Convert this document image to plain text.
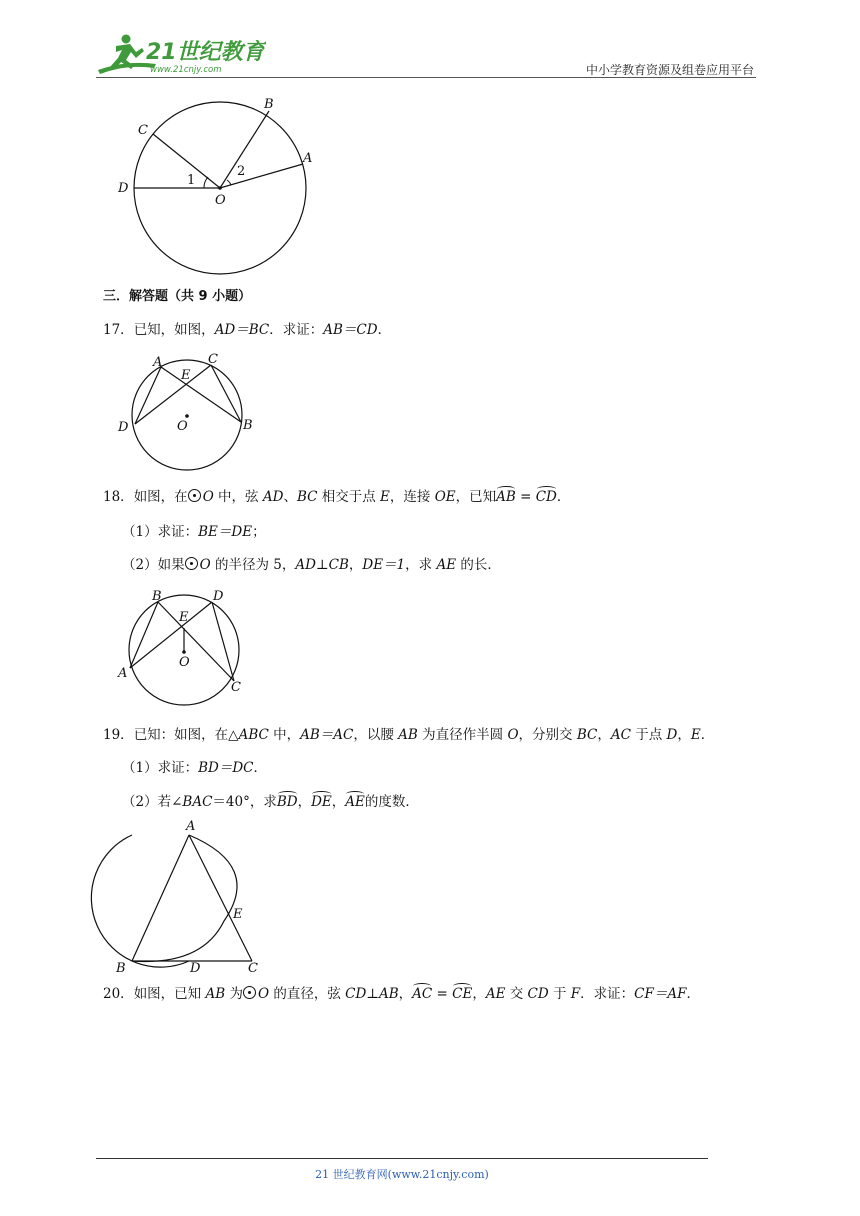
21世纪教育
www.21cnjy.com	中小学教育资源及组卷应用平台
C
B
A
D
O
1
2
三．解答题（共 9 小题）
17．已知，如图，AD＝BC．求证：AB＝CD．
A	C
E
D	O	B
18．如图，在 O 中，弦 AD、BC 相交于点 E，连接 OE，已知AB = CD．
（1）求证：BE＝DE；
（2）如果 O 的半径为 5，AD⊥CB，DE＝1，求 AE 的长．
B	D
E
O
A
C
19．已知：如图，在△ABC 中，AB＝AC，以腰 AB 为直径作半圆 O，分别交 BC，AC 于点 D，E．
（1）求证：BD＝DC．
（2）若∠BAC＝40°，求BD，DE，AE的度数．
A
E
B	D	C
20．如图，已知 AB 为 O 的直径，弦 CD⊥AB，AC = CE，AE 交 CD 于 F．求证：CF＝AF．
21 世纪教育网(www.21cnjy.com)
